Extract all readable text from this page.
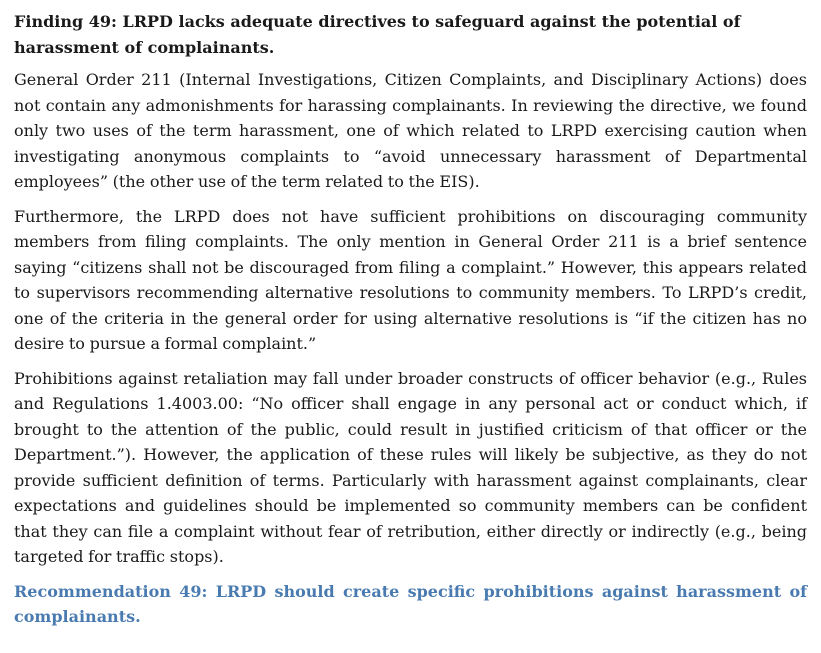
Finding 49: LRPD lacks adequate directives to safeguard against the potential of harassment of complainants.

General Order 211 (Internal Investigations, Citizen Complaints, and Disciplinary Actions) does not contain any admonishments for harassing complainants. In reviewing the directive, we found only two uses of the term harassment, one of which related to LRPD exercising caution when investigating anonymous complaints to “avoid unnecessary harassment of Departmental employees” (the other use of the term related to the EIS).

Furthermore, the LRPD does not have sufficient prohibitions on discouraging community members from filing complaints. The only mention in General Order 211 is a brief sentence saying “citizens shall not be discouraged from filing a complaint.” However, this appears related to supervisors recommending alternative resolutions to community members. To LRPD’s credit, one of the criteria in the general order for using alternative resolutions is “if the citizen has no desire to pursue a formal complaint.”

Prohibitions against retaliation may fall under broader constructs of officer behavior (e.g., Rules and Regulations 1.4003.00: “No officer shall engage in any personal act or conduct which, if brought to the attention of the public, could result in justified criticism of that officer or the Department.”). However, the application of these rules will likely be subjective, as they do not provide sufficient definition of terms. Particularly with harassment against complainants, clear expectations and guidelines should be implemented so community members can be confident that they can file a complaint without fear of retribution, either directly or indirectly (e.g., being targeted for traffic stops).

Recommendation 49: LRPD should create specific prohibitions against harassment of complainants.
